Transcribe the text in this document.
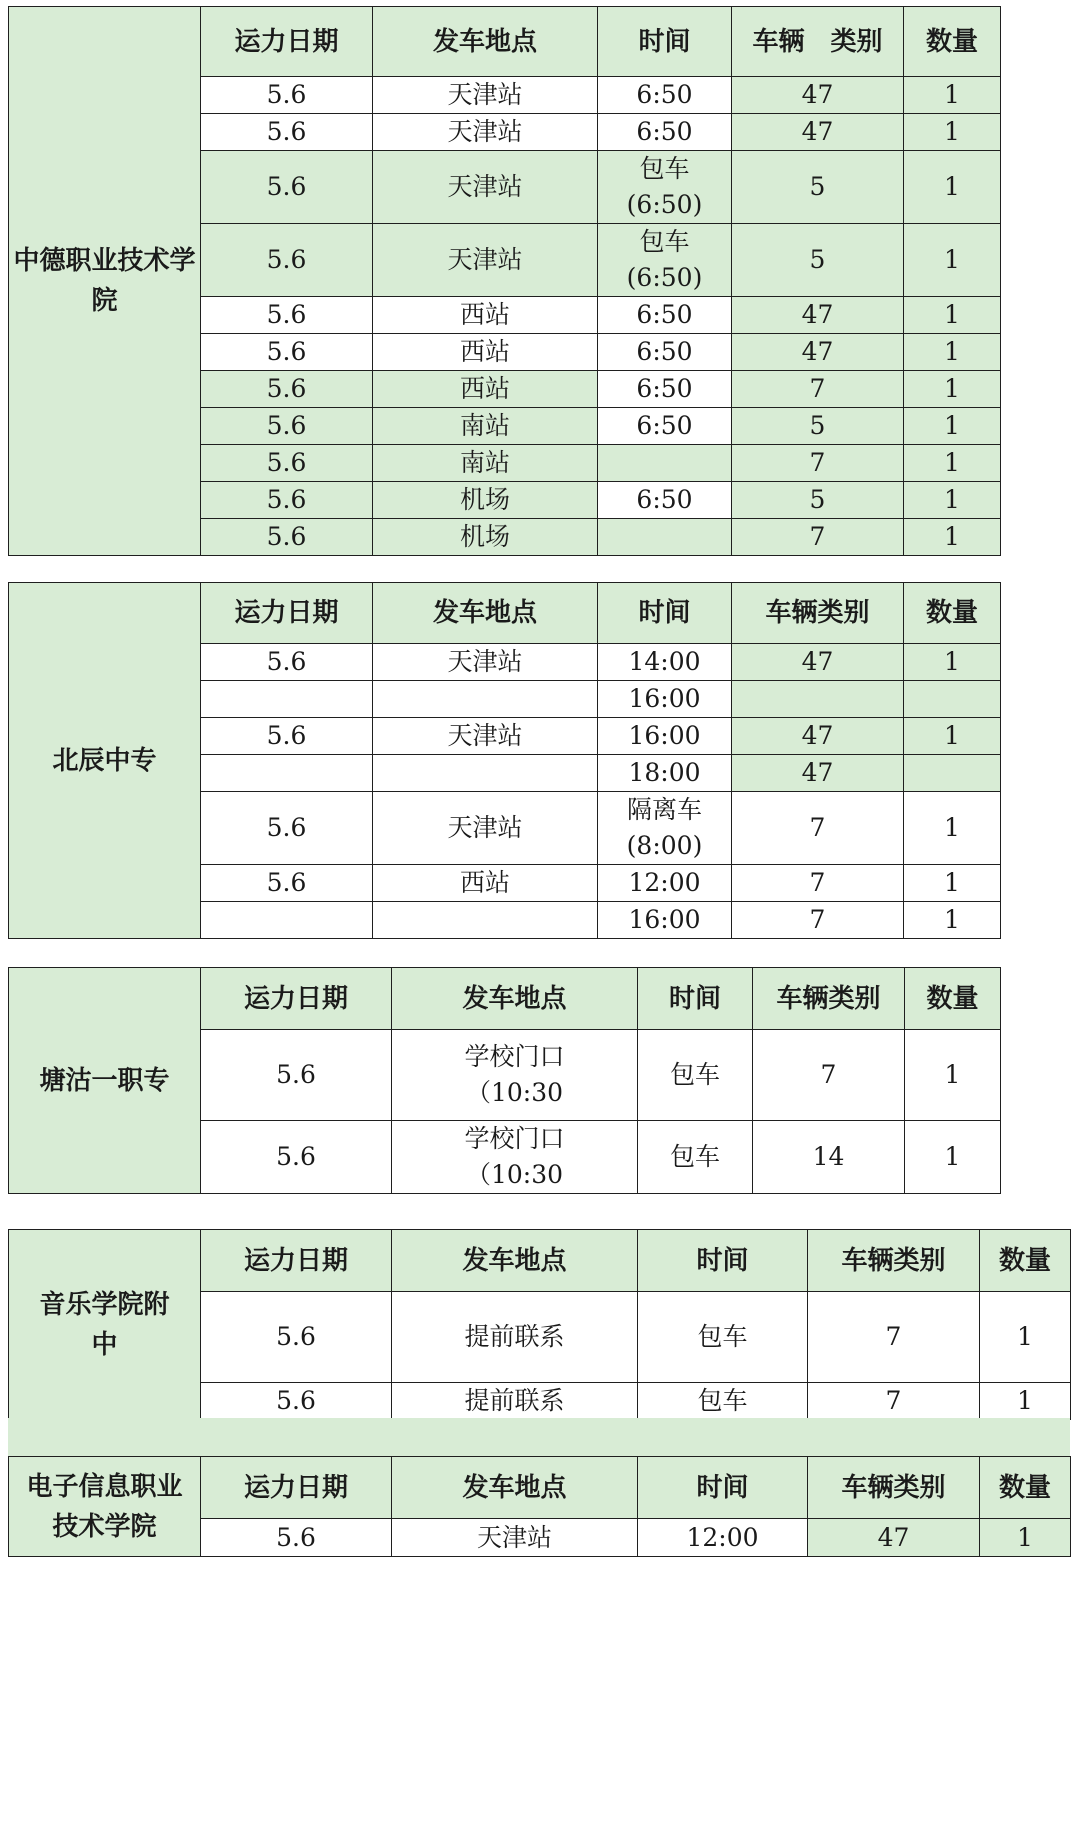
中德职业技术学院	运力日期	发车地点	时间	车辆　类别	数量
	5.6	天津站	6:50	47	1
	5.6	天津站	6:50	47	1
	5.6	天津站	包车(6:50)	5	1
	5.6	天津站	包车(6:50)	5	1
	5.6	西站	6:50	47	1
	5.6	西站	6:50	47	1
	5.6	西站	6:50	7	1
	5.6	南站	6:50	5	1
	5.6	南站		7	1
	5.6	机场	6:50	5	1
	5.6	机场		7	1
北辰中专	运力日期	发车地点	时间	车辆类别	数量
	5.6	天津站	14:00	47	1
			16:00		
	5.6	天津站	16:00	47	1
			18:00	47	
	5.6	天津站	隔离车(8:00)	7	1
	5.6	西站	12:00	7	1
			16:00	7	1
塘沽一职专	运力日期	发车地点	时间	车辆类别	数量
	5.6	学校门口（10:30	包车	7	1
	5.6	学校门口（10:30	包车	14	1
音乐学院附中	运力日期	发车地点	时间	车辆类别	数量
	5.6	提前联系	包车	7	1
	5.6	提前联系	包车	7	1
电子信息职业技术学院	运力日期	发车地点	时间	车辆类别	数量
	5.6	天津站	12:00	47	1
